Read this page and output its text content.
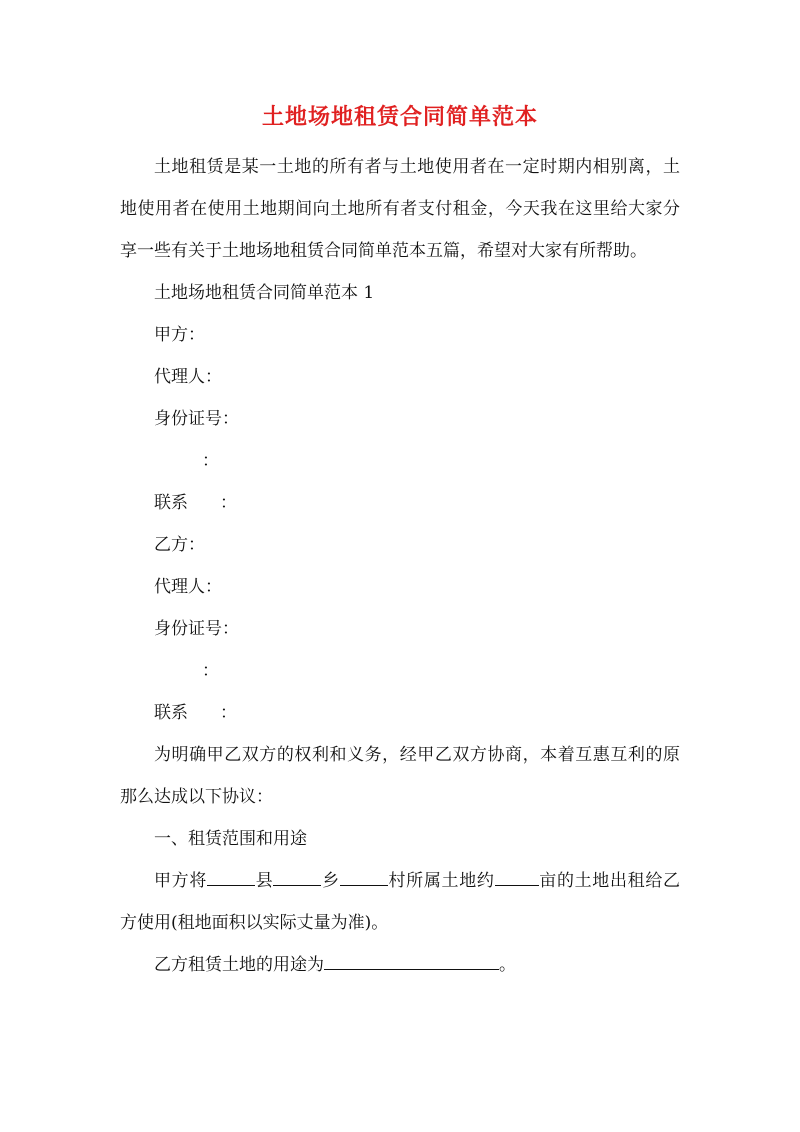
土地场地租赁合同简单范本

土地租赁是某一土地的所有者与土地使用者在一定时期内相别离，土地使用者在使用土地期间向土地所有者支付租金，今天我在这里给大家分享一些有关于土地场地租赁合同简单范本五篇，希望对大家有所帮助。

土地场地租赁合同简单范本 1

甲方：

代理人：

身份证号：

：

联系 ：

乙方：

代理人：

身份证号：

：

联系 ：

为明确甲乙双方的权利和义务，经甲乙双方协商，本着互惠互利的原那么达成以下协议：

一、租赁范围和用途

甲方将	县	乡	村所属土地约	亩的土地出租给乙方使用(租地面积以实际丈量为准)。

乙方租赁土地的用途为	。
